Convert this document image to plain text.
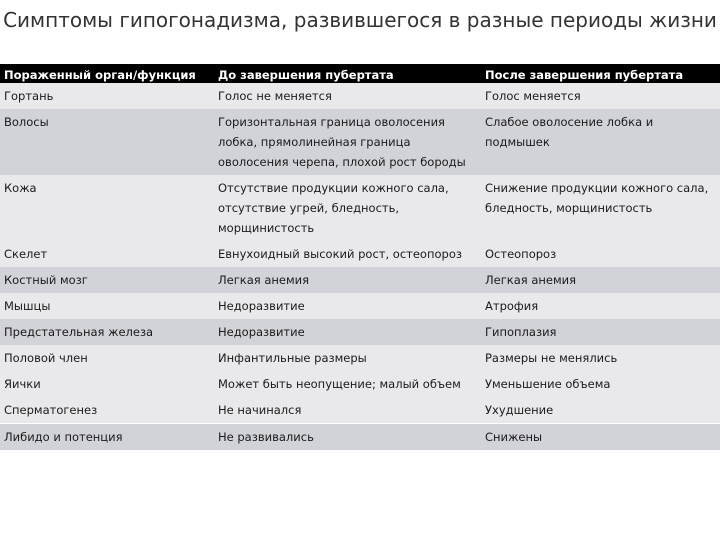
Симптомы гипогонадизма, развившегося в разные периоды жизни
Пораженный орган/функция	До завершения пубертата	После завершения пубертата
Гортань	Голос не меняется	Голос меняется
Волосы	Горизонтальная граница оволосения лобка, прямолинейная граница оволосения черепа, плохой рост бороды	Слабое оволосение лобка и подмышек
Кожа	Отсутствие продукции кожного сала, отсутствие угрей, бледность, морщинистость	Снижение продукции кожного сала, бледность, морщинистость
Скелет	Евнухоидный высокий рост, остеопороз	Остеопороз
Костный мозг	Легкая анемия	Легкая анемия
Мышцы	Недоразвитие	Атрофия
Предстательная железа	Недоразвитие	Гипоплазия
Половой член	Инфантильные размеры	Размеры не менялись
Яички	Может быть неопущение; малый объем	Уменьшение объема
Сперматогенез	Не начинался	Ухудшение
Либидо и потенция	Не развивались	Снижены
